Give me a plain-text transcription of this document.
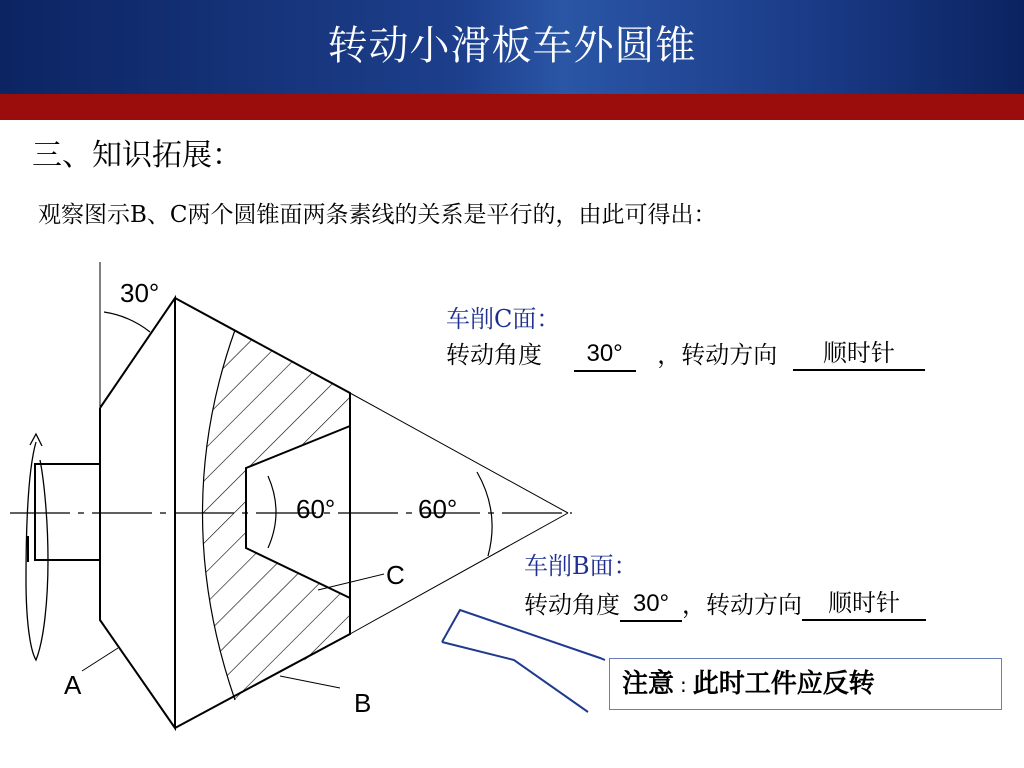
转动小滑板车外圆锥
三、知识拓展：
观察图示B、C两个圆锥面两条素线的关系是平行的，由此可得出：
30°
60°	60°
A
B
C
车削C面：
转动角度 30° ，转动方向 顺时针
车削B面：
转动角度 30° ，转动方向 顺时针
注意 : 此时工件应反转
